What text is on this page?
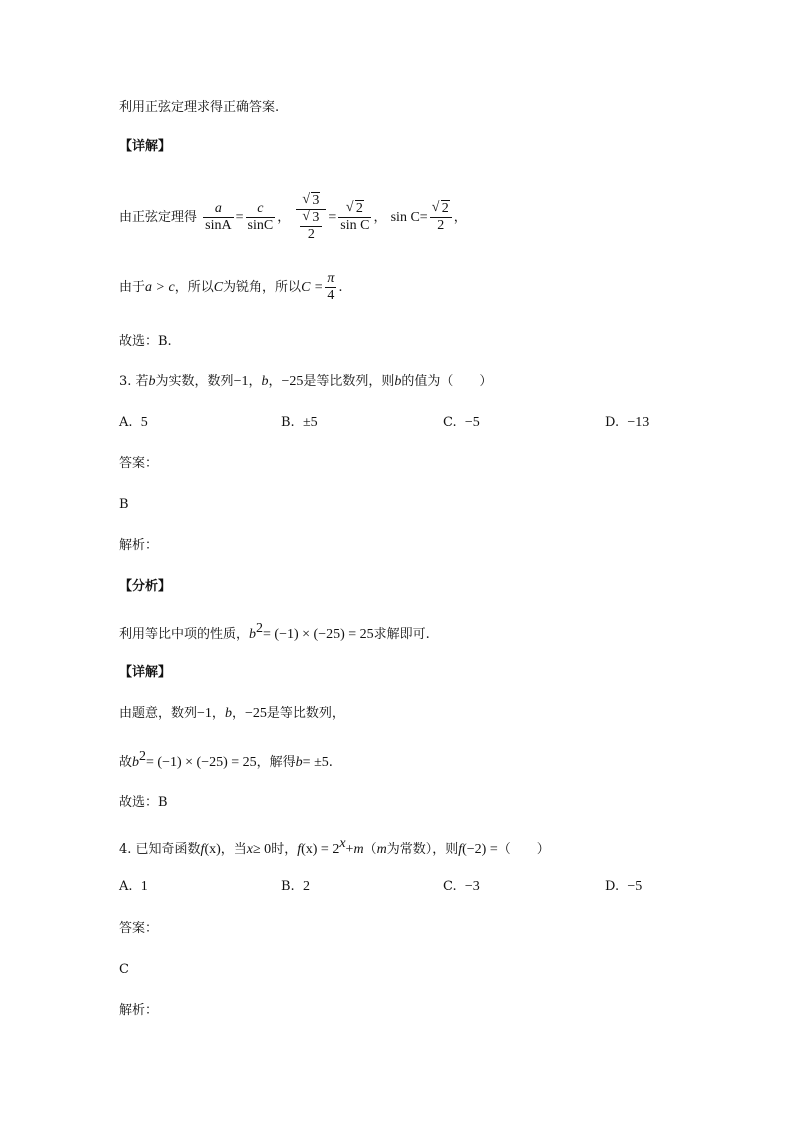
利用正弦定理求得正确答案.
【详解】
由正弦定理得 $\frac{a}{\sin A} = \frac{c}{\sin C}$ ， √ 3
√ $\frac{3}{2}$ = √ $\frac{2}{\text{sin C}}$ ， sin C= √ $\frac{2}{2}$ ，
由于a > c，所以C为锐角，所以$C = \frac{\pi}{4}$ .
故选：B.
3. 若b为实数，数列−1，b，−25是等比数列，则b的值为（　　）
A. 5	B. ±5	C. −5	D. −13
答案：
B
解析：
【分析】
利用等比中项的性质，$b^2= (-1) \times (-25) = 25$求解即可.
【详解】
由题意，数列−1，b，−25是等比数列，
故$b^2= (-1) \times (-25) = 25$，解得b= ±5.
故选：B
4. 已知奇函数f(x)，当x≥ 0时，$f(x) = 2^x+m(m$为常数），则f(−2) =（　　）
A. 1	B. 2	C. −3	D. −5
答案：
C
解析：
